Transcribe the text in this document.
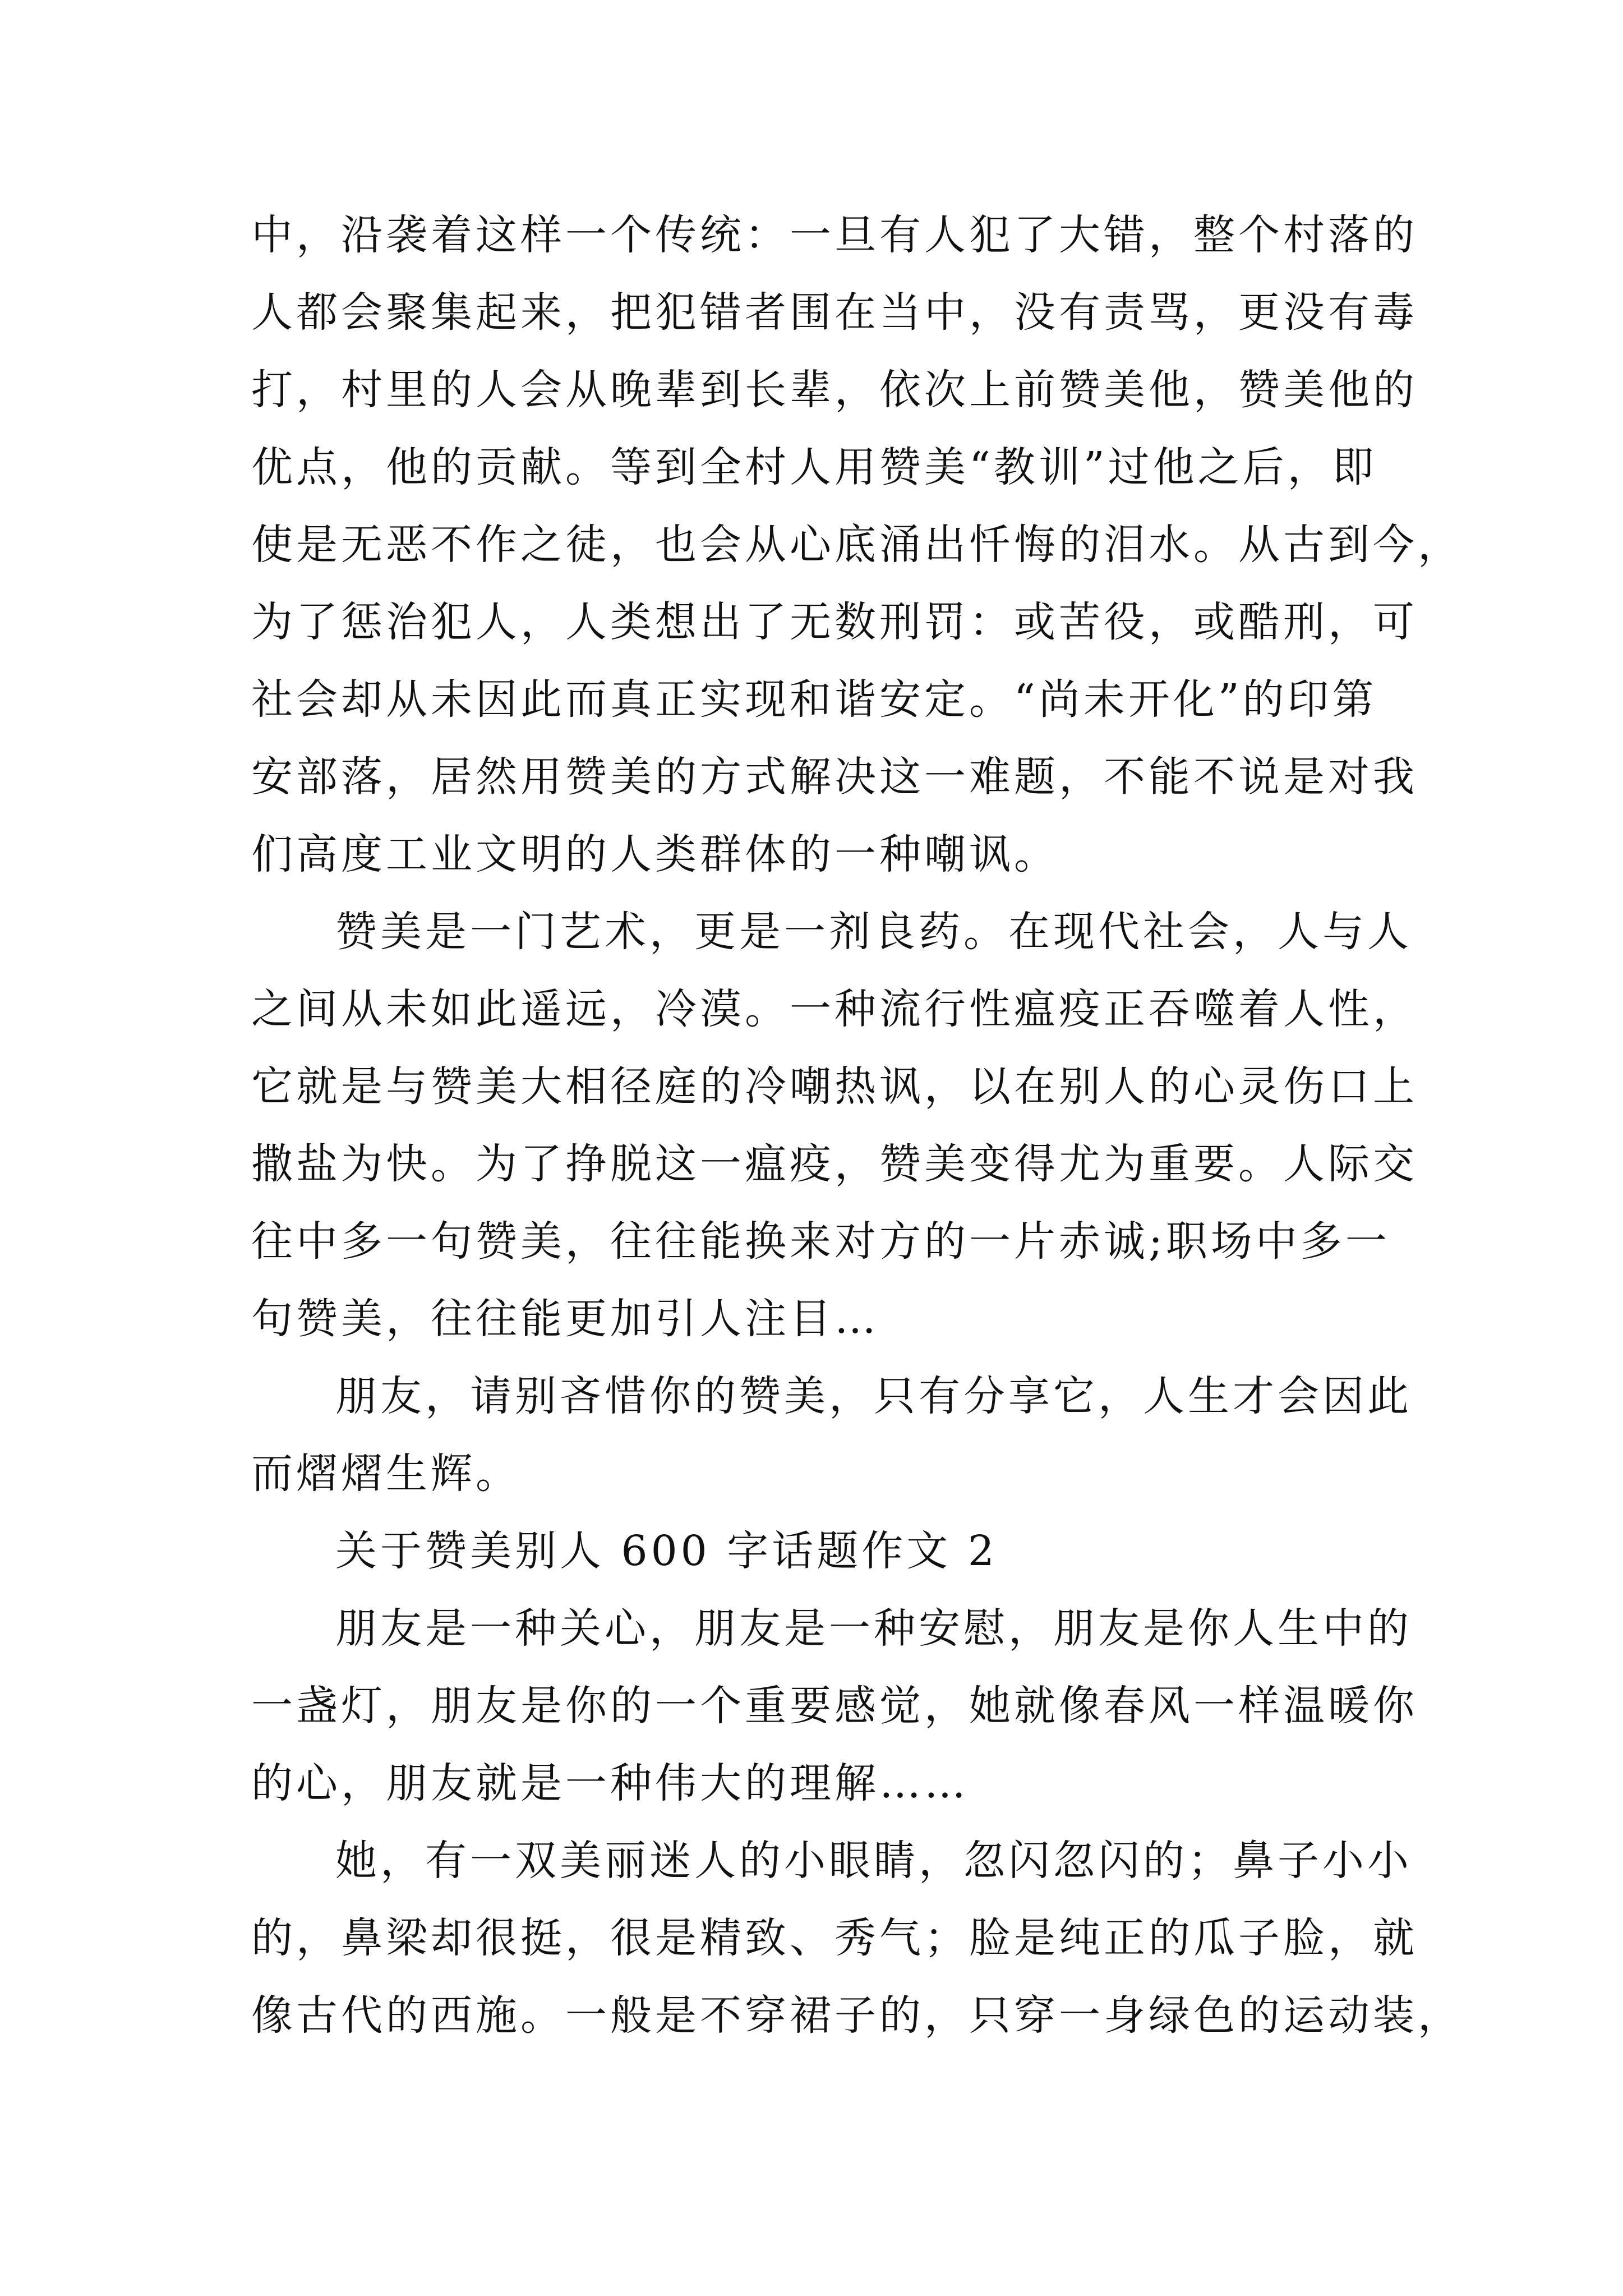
中，沿袭着这样一个传统：一旦有人犯了大错，整个村落的
人都会聚集起来，把犯错者围在当中，没有责骂，更没有毒
打，村里的人会从晚辈到长辈，依次上前赞美他，赞美他的
优点，他的贡献。等到全村人用赞美“教训”过他之后，即
使是无恶不作之徒，也会从心底涌出忏悔的泪水。从古到今，
为了惩治犯人，人类想出了无数刑罚：或苦役，或酷刑，可
社会却从未因此而真正实现和谐安定。“尚未开化”的印第
安部落，居然用赞美的方式解决这一难题，不能不说是对我
们高度工业文明的人类群体的一种嘲讽。
赞美是一门艺术，更是一剂良药。在现代社会，人与人
之间从未如此遥远，冷漠。一种流行性瘟疫正吞噬着人性，
它就是与赞美大相径庭的冷嘲热讽，以在别人的心灵伤口上
撒盐为快。为了挣脱这一瘟疫，赞美变得尤为重要。人际交
往中多一句赞美，往往能换来对方的一片赤诚;职场中多一
句赞美，往往能更加引人注目…
朋友，请别吝惜你的赞美，只有分享它，人生才会因此
而熠熠生辉。
关于赞美别人 600 字话题作文 2
朋友是一种关心，朋友是一种安慰，朋友是你人生中的
一盏灯，朋友是你的一个重要感觉，她就像春风一样温暖你
的心，朋友就是一种伟大的理解……
她，有一双美丽迷人的小眼睛，忽闪忽闪的；鼻子小小
的，鼻梁却很挺，很是精致、秀气；脸是纯正的瓜子脸，就
像古代的西施。一般是不穿裙子的，只穿一身绿色的运动装，
